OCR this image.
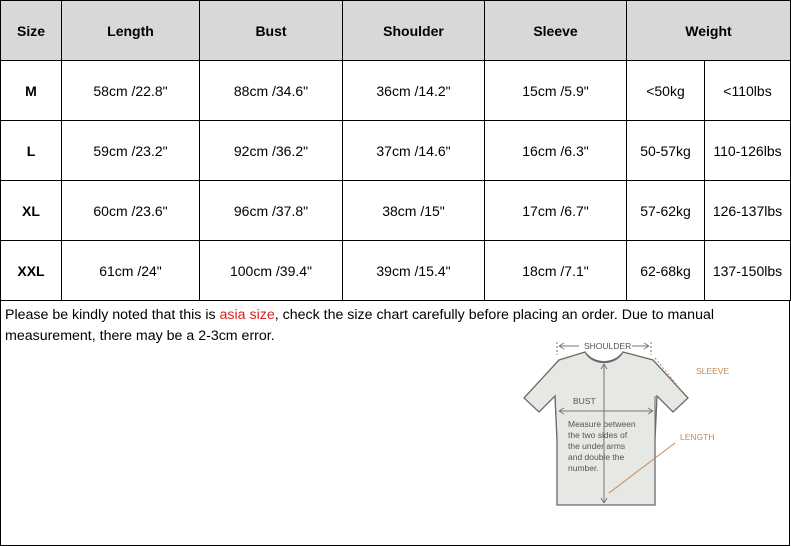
Size	Length	Bust	Shoulder	Sleeve	Weight	
M	58cm /22.8"	88cm /34.6"	36cm /14.2"	15cm /5.9"	<50kg	<110lbs
L	59cm /23.2"	92cm /36.2"	37cm /14.6"	16cm /6.3"	50-57kg	110-126lbs
XL	60cm /23.6"	96cm /37.8"	38cm /15"	17cm /6.7"	57-62kg	126-137lbs
XXL	61cm /24"	100cm /39.4"	39cm /15.4"	18cm /7.1"	62-68kg	137-150lbs
Please be kindly noted that this is asia size, check the size chart carefully before placing an order. Due to manual measurement, there may be a 2-3cm error.
SHOULDER
SLEEVE
BUST
Measure between
the two sides of
the under arms
and double the
number.
LENGTH
